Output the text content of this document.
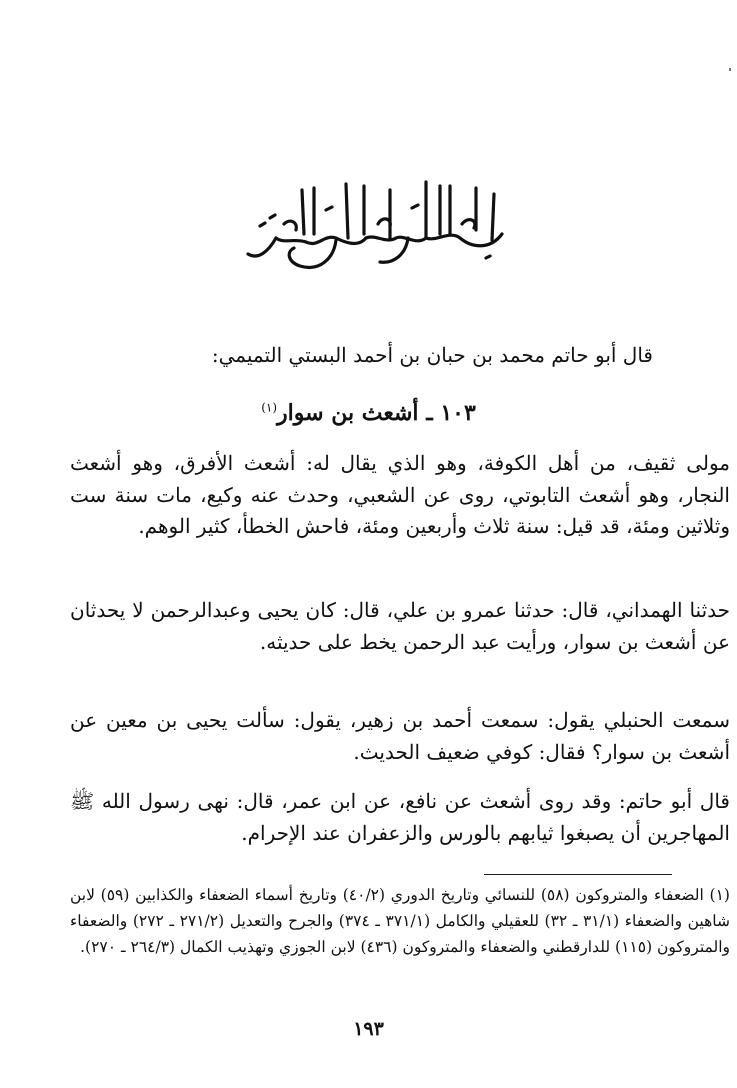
قال أبو حاتم محمد بن حبان بن أحمد البستي التميمي:
١٠٣ ـ أشعث بن سوار$^{(١)}$

مولى ثقيف، من أهل الكوفة، وهو الذي يقال له: أشعث الأفرق، وهو أشعث النجار، وهو أشعث التابوتي، روى عن الشعبي، وحدث عنه وكيع، مات سنة ست وثلاثين ومئة، قد قيل: سنة ثلاث وأربعين ومئة، فاحش الخطأ، كثير الوهم.

حدثنا الهمداني، قال: حدثنا عمرو بن علي، قال: كان يحيى وعبدالرحمن لا يحدثان عن أشعث بن سوار، ورأيت عبد الرحمن يخط على حديثه.

سمعت الحنبلي يقول: سمعت أحمد بن زهير، يقول: سألت يحيى بن معين عن أشعث بن سوار؟ فقال: كوفي ضعيف الحديث.

قال أبو حاتم: وقد روى أشعث عن نافع، عن ابن عمر، قال: نهى رسول الله ﷺ المهاجرين أن يصبغوا ثيابهم بالورس والزعفران عند الإحرام.

(١) الضعفاء والمتروكون (٥٨) للنسائي وتاريخ الدوري (٤٠/٢) وتاريخ أسماء الضعفاء والكذابين (٥٩) لابن شاهين والضعفاء (٣١/١ ـ ٣٢) للعقيلي والكامل (٣٧١/١ ـ ٣٧٤) والجرح والتعديل (٢٧١/٢ ـ ٢٧٢) والضعفاء والمتروكون (١١٥) للدارقطني والضعفاء والمتروكون (٤٣٦) لابن الجوزي وتهذيب الكمال (٢٦٤/٣ ـ ٢٧٠).

١٩٣
